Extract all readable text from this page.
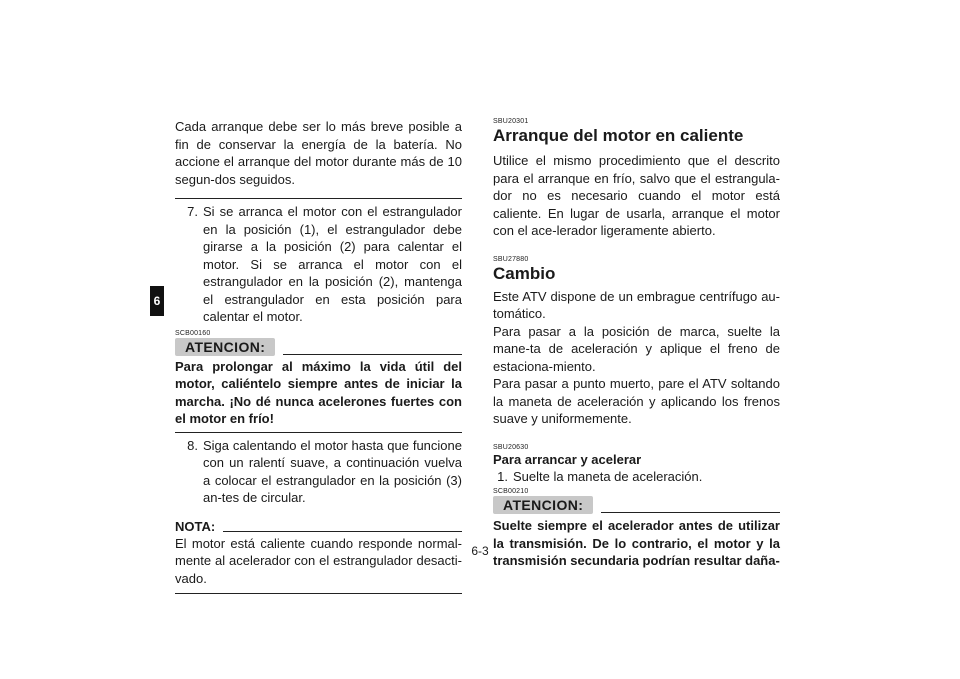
6

Cada arranque debe ser lo más breve posible a fin de conservar la energía de la batería. No accione el arranque del motor durante más de 10 segun-dos seguidos.

7. Si se arranca el motor con el estrangulador en la posición (1), el estrangulador debe girarse a la posición (2) para calentar el motor. Si se arranca el motor con el estrangulador en la posición (2), mantenga el estrangulador en esta posición para calentar el motor.
SCB00160
ATENCION:

Para prolongar al máximo la vida útil del motor, caliéntelo siempre antes de iniciar la marcha. ¡No dé nunca acelerones fuertes con el motor en frío!

8. Siga calentando el motor hasta que funcione con un ralentí suave, a continuación vuelva a colocar el estrangulador en la posición (3) an-tes de circular.
NOTA:

El motor está caliente cuando responde normal-mente al acelerador con el estrangulador desacti-vado.

SBU20301
Arranque del motor en caliente

Utilice el mismo procedimiento que el descrito para el arranque en frío, salvo que el estrangula-dor no es necesario cuando el motor está caliente. En lugar de usarla, arranque el motor con el ace-lerador ligeramente abierto.

SBU27880
Cambio

Este ATV dispone de un embrague centrífugo au-tomático.

Para pasar a la posición de marca, suelte la mane-ta de aceleración y aplique el freno de estaciona-miento.

Para pasar a punto muerto, pare el ATV soltando la maneta de aceleración y aplicando los frenos suave y uniformemente.

SBU20630
Para arrancar y acelerar
1. Suelte la maneta de aceleración.
SCB00210
ATENCION:

Suelte siempre el acelerador antes de utilizar la transmisión. De lo contrario, el motor y la transmisión secundaria podrían resultar daña-

6-3
